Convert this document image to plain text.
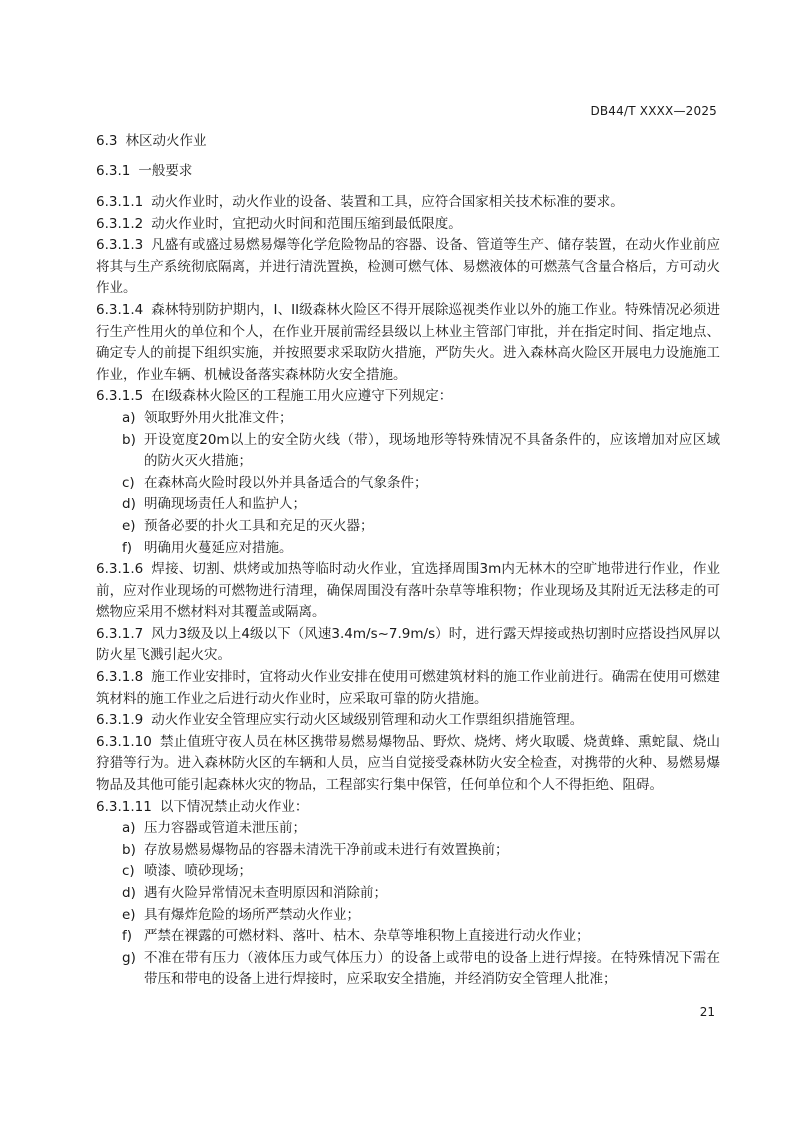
DB44/T XXXX—2025
6.3 林区动火作业
6.3.1 一般要求

6.3.1.1 动火作业时，动火作业的设备、装置和工具，应符合国家相关技术标准的要求。

6.3.1.2 动火作业时，宜把动火时间和范围压缩到最低限度。

6.3.1.3 凡盛有或盛过易燃易爆等化学危险物品的容器、设备、管道等生产、储存装置，在动火作业前应将其与生产系统彻底隔离，并进行清洗置换，检测可燃气体、易燃液体的可燃蒸气含量合格后，方可动火作业。

6.3.1.4 森林特别防护期内，I、II级森林火险区不得开展除巡视类作业以外的施工作业。特殊情况必须进行生产性用火的单位和个人，在作业开展前需经县级以上林业主管部门审批，并在指定时间、指定地点、确定专人的前提下组织实施，并按照要求采取防火措施，严防失火。进入森林高火险区开展电力设施施工作业，作业车辆、机械设备落实森林防火安全措施。

6.3.1.5 在I级森林火险区的工程施工用火应遵守下列规定：

a) 领取野外用火批准文件；
b) 开设宽度20m以上的安全防火线（带），现场地形等特殊情况不具备条件的，应该增加对应区域的防火灭火措施；
c) 在森林高火险时段以外并具备适合的气象条件；
d) 明确现场责任人和监护人；
e) 预备必要的扑火工具和充足的灭火器；
f) 明确用火蔓延应对措施。

6.3.1.6 焊接、切割、烘烤或加热等临时动火作业，宜选择周围3m内无林木的空旷地带进行作业，作业前，应对作业现场的可燃物进行清理，确保周围没有落叶杂草等堆积物；作业现场及其附近无法移走的可燃物应采用不燃材料对其覆盖或隔离。

6.3.1.7 风力3级及以上4级以下（风速3.4m/s~7.9m/s）时，进行露天焊接或热切割时应搭设挡风屏以防火星飞溅引起火灾。

6.3.1.8 施工作业安排时，宜将动火作业安排在使用可燃建筑材料的施工作业前进行。确需在使用可燃建筑材料的施工作业之后进行动火作业时，应采取可靠的防火措施。

6.3.1.9 动火作业安全管理应实行动火区域级别管理和动火工作票组织措施管理。

6.3.1.10 禁止值班守夜人员在林区携带易燃易爆物品、野炊、烧烤、烤火取暖、烧黄蜂、熏蛇鼠、烧山狩猎等行为。进入森林防火区的车辆和人员，应当自觉接受森林防火安全检查，对携带的火种、易燃易爆物品及其他可能引起森林火灾的物品，工程部实行集中保管，任何单位和个人不得拒绝、阻碍。

6.3.1.11 以下情况禁止动火作业：

a) 压力容器或管道未泄压前；
b) 存放易燃易爆物品的容器未清洗干净前或未进行有效置换前；
c) 喷漆、喷砂现场；
d) 遇有火险异常情况未查明原因和消除前；
e) 具有爆炸危险的场所严禁动火作业；
f) 严禁在裸露的可燃材料、落叶、枯木、杂草等堆积物上直接进行动火作业；
g) 不准在带有压力（液体压力或气体压力）的设备上或带电的设备上进行焊接。在特殊情况下需在带压和带电的设备上进行焊接时，应采取安全措施，并经消防安全管理人批准；
21
